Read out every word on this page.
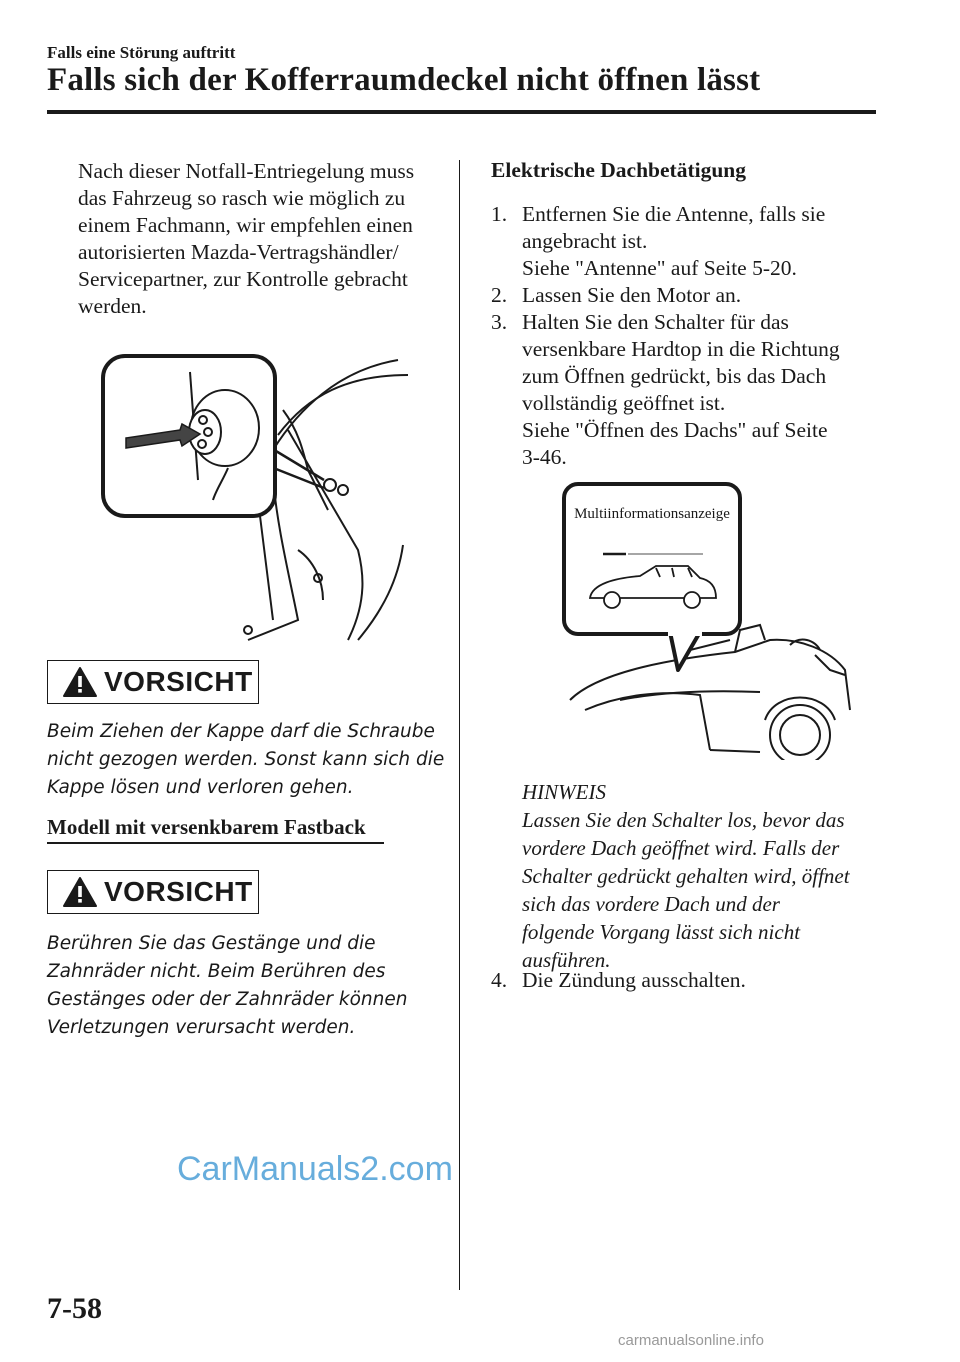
Falls eine Störung auftritt
Falls sich der Kofferraumdeckel nicht öffnen lässt
Nach dieser Notfall-Entriegelung muss
das Fahrzeug so rasch wie möglich zu
einem Fachmann, wir empfehlen einen
autorisierten Mazda-Vertragshändler/
Servicepartner, zur Kontrolle gebracht
werden.
VORSICHT
Beim Ziehen der Kappe darf die Schraube
nicht gezogen werden. Sonst kann sich die
Kappe lösen und verloren gehen.
Modell mit versenkbarem Fastback
VORSICHT
Berühren Sie das Gestänge und die
Zahnräder nicht. Beim Berühren des
Gestänges oder der Zahnräder können
Verletzungen verursacht werden.
Elektrische Dachbetätigung
1. Entfernen Sie die Antenne, falls sie
angebracht ist.
Siehe "Antenne" auf Seite 5-20.
2. Lassen Sie den Motor an.
3. Halten Sie den Schalter für das
versenkbare Hardtop in die Richtung
zum Öffnen gedrückt, bis das Dach
vollständig geöffnet ist.
Siehe "Öffnen des Dachs" auf Seite
3-46.
Multiinformationsanzeige
HINWEIS
Lassen Sie den Schalter los, bevor das
vordere Dach geöffnet wird. Falls der
Schalter gedrückt gehalten wird, öffnet
sich das vordere Dach und der
folgende Vorgang lässt sich nicht
ausführen.
4. Die Zündung ausschalten.
CarManuals2.com
7-58
carmanualsonline.info
